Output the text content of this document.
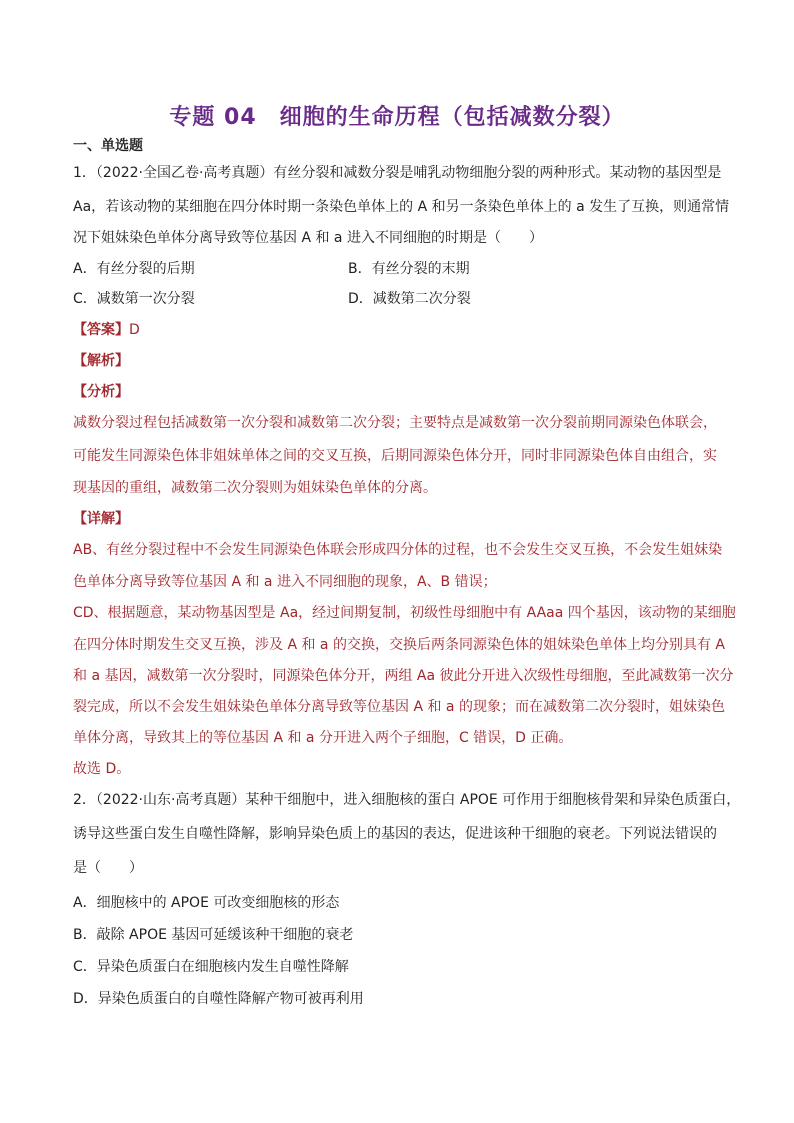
专题 04　细胞的生命历程（包括减数分裂）
一、单选题
1．（2022·全国乙卷·高考真题）有丝分裂和减数分裂是哺乳动物细胞分裂的两种形式。某动物的基因型是
Aa，若该动物的某细胞在四分体时期一条染色单体上的 A 和另一条染色单体上的 a 发生了互换，则通常情
况下姐妹染色单体分离导致等位基因 A 和 a 进入不同细胞的时期是（　　）
A．有丝分裂的后期	B．有丝分裂的末期
C．减数第一次分裂	D．减数第二次分裂
【答案】D
【解析】
【分析】
减数分裂过程包括减数第一次分裂和减数第二次分裂；主要特点是减数第一次分裂前期同源染色体联会，
可能发生同源染色体非姐妹单体之间的交叉互换，后期同源染色体分开，同时非同源染色体自由组合，实
现基因的重组，减数第二次分裂则为姐妹染色单体的分离。
【详解】
AB、有丝分裂过程中不会发生同源染色体联会形成四分体的过程，也不会发生交叉互换，不会发生姐妹染
色单体分离导致等位基因 A 和 a 进入不同细胞的现象，A、B 错误；
CD、根据题意，某动物基因型是 Aa，经过间期复制，初级性母细胞中有 AAaa 四个基因，该动物的某细胞
在四分体时期发生交叉互换，涉及 A 和 a 的交换，交换后两条同源染色体的姐妹染色单体上均分别具有 A
和 a 基因，减数第一次分裂时，同源染色体分开，两组 Aa 彼此分开进入次级性母细胞，至此减数第一次分
裂完成，所以不会发生姐妹染色单体分离导致等位基因 A 和 a 的现象；而在减数第二次分裂时，姐妹染色
单体分离，导致其上的等位基因 A 和 a 分开进入两个子细胞，C 错误，D 正确。
故选 D。
2．（2022·山东·高考真题）某种干细胞中，进入细胞核的蛋白 APOE 可作用于细胞核骨架和异染色质蛋白，
诱导这些蛋白发生自噬性降解，影响异染色质上的基因的表达，促进该种干细胞的衰老。下列说法错误的
是（　　）
A．细胞核中的 APOE 可改变细胞核的形态
B．敲除 APOE 基因可延缓该种干细胞的衰老
C．异染色质蛋白在细胞核内发生自噬性降解
D．异染色质蛋白的自噬性降解产物可被再利用
